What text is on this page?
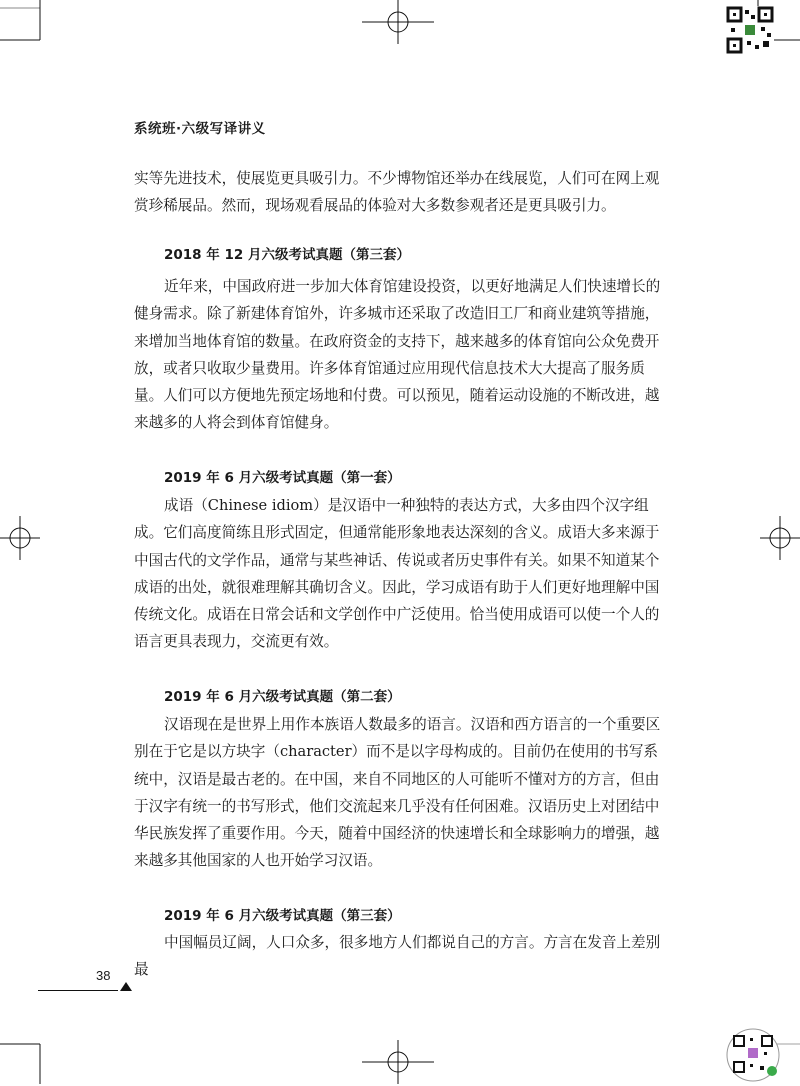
系统班·六级写译讲义

实等先进技术，使展览更具吸引力。不少博物馆还举办在线展览，人们可在网上观赏珍稀展品。然而，现场观看展品的体验对大多数参观者还是更具吸引力。

2018 年 12 月六级考试真题（第三套）

近年来，中国政府进一步加大体育馆建设投资，以更好地满足人们快速增长的健身需求。除了新建体育馆外，许多城市还采取了改造旧工厂和商业建筑等措施，来增加当地体育馆的数量。在政府资金的支持下，越来越多的体育馆向公众免费开放，或者只收取少量费用。许多体育馆通过应用现代信息技术大大提高了服务质量。人们可以方便地先预定场地和付费。可以预见，随着运动设施的不断改进，越来越多的人将会到体育馆健身。

2019 年 6 月六级考试真题（第一套）

成语（Chinese idiom）是汉语中一种独特的表达方式，大多由四个汉字组成。它们高度简练且形式固定，但通常能形象地表达深刻的含义。成语大多来源于中国古代的文学作品，通常与某些神话、传说或者历史事件有关。如果不知道某个成语的出处，就很难理解其确切含义。因此，学习成语有助于人们更好地理解中国传统文化。成语在日常会话和文学创作中广泛使用。恰当使用成语可以使一个人的语言更具表现力，交流更有效。

2019 年 6 月六级考试真题（第二套）

汉语现在是世界上用作本族语人数最多的语言。汉语和西方语言的一个重要区别在于它是以方块字（character）而不是以字母构成的。目前仍在使用的书写系统中，汉语是最古老的。在中国，来自不同地区的人可能听不懂对方的方言，但由于汉字有统一的书写形式，他们交流起来几乎没有任何困难。汉语历史上对团结中华民族发挥了重要作用。今天，随着中国经济的快速增长和全球影响力的增强，越来越多其他国家的人也开始学习汉语。

2019 年 6 月六级考试真题（第三套）

中国幅员辽阔，人口众多，很多地方人们都说自己的方言。方言在发音上差别最

38
